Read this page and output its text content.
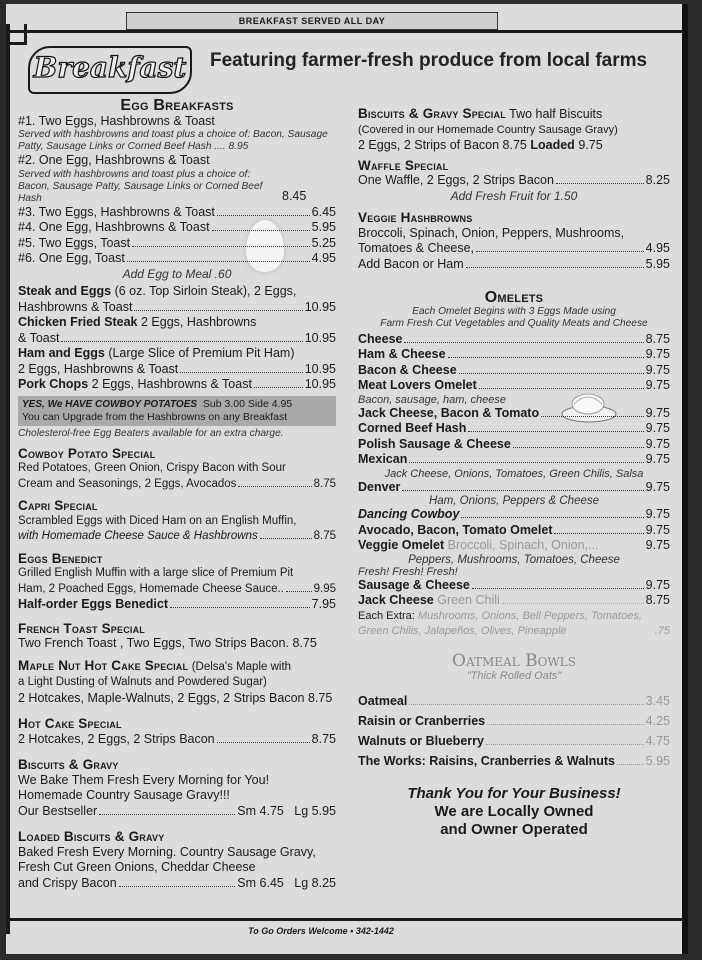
BREAKFAST SERVED ALL DAY
Breakfast Featuring farmer-fresh produce from local farms
Egg Breakfasts
#1. Two Eggs, Hashbrowns & Toast
Served with hashbrowns and toast plus a choice of: Bacon, Sausage Patty, Sausage Links or Corned Beef Hash .... 8.95
#2. One Egg, Hashbrowns & Toast
Served with hashbrowns and toast plus a choice of: Bacon, Sausage Patty, Sausage Links or Corned Beef Hash	8.45
#3. Two Eggs, Hashbrowns & Toast	6.45
#4. One Egg, Hashbrowns & Toast	5.95
#5. Two Eggs, Toast	5.25
#6. One Egg, Toast	4.95
Add Egg to Meal .60
Steak and Eggs (6 oz. Top Sirloin Steak), 2 Eggs,
Hashbrowns & Toast	10.95
Chicken Fried Steak 2 Eggs, Hashbrowns
& Toast	10.95
Ham and Eggs (Large Slice of Premium Pit Ham)
2 Eggs, Hashbrowns & Toast	10.95
Pork Chops
2 Eggs, Hashbrowns & Toast	10.95
YES, We HAVE COWBOY POTATOES Sub 3.00 Side 4.95
You can Upgrade from the Hashbrowns on any Breakfast
Cholesterol-free Egg Beaters available for an extra charge.
Cowboy Potato Special
Red Potatoes, Green Onion, Crispy Bacon with Sour
Cream and Seasonings, 2 Eggs, Avocados	8.75
Capri Special
Scrambled Eggs with Diced Ham on an English Muffin,
with Homemade Cheese Sauce & Hashbrowns	8.75
Eggs Benedict
Grilled English Muffin with a large slice of Premium Pit
Ham, 2 Poached Eggs, Homemade Cheese Sauce..	9.95
Half-order Eggs Benedict	7.95
French Toast Special
Two French Toast , Two Eggs, Two Strips Bacon.
8.75
Maple Nut Hot Cake Special
(Delsa's Maple with
a Light Dusting of Walnuts and Powdered Sugar)
2 Hotcakes, Maple-Walnuts, 2 Eggs, 2 Strips Bacon
8.75
Hot Cake Special
2 Hotcakes, 2 Eggs, 2 Strips Bacon	8.75
Biscuits & Gravy
We Bake Them Fresh Every Morning for You!
Homemade Country Sausage Gravy!!!
Our Bestseller	Sm 4.75
Lg 5.95
Loaded Biscuits & Gravy
Baked Fresh Every Morning. Country Sausage Gravy,
Fresh Cut Green Onions, Cheddar Cheese
and Crispy Bacon	Sm 6.45
Lg 8.25
Biscuits & Gravy Special Two half Biscuits
(Covered in our Homemade Country Sausage Gravy)
2 Eggs, 2 Strips of Bacon 8.75 Loaded 9.75
Waffle Special
One Waffle, 2 Eggs, 2 Strips Bacon	8.25
Add Fresh Fruit for 1.50
Veggie Hashbrowns
Broccoli, Spinach, Onion, Peppers, Mushrooms,
Tomatoes & Cheese,	4.95
Add Bacon or Ham	5.95
Omelets
Each Omelet Begins with 3 Eggs Made using
Farm Fresh Cut Vegetables and Quality Meats and Cheese
Cheese	8.75
Ham & Cheese	9.75
Bacon & Cheese	9.75
Meat Lovers Omelet	9.75
Bacon, sausage, ham, cheese
Jack Cheese, Bacon & Tomato	9.75
Corned Beef Hash	9.75
Polish Sausage & Cheese	9.75
Mexican	9.75
Jack Cheese, Onions, Tomatoes, Green Chilis, Salsa
Denver	9.75
Ham, Onions, Peppers & Cheese
Dancing Cowboy	9.75
Avocado, Bacon, Tomato Omelet	9.75
Veggie Omelet
Broccoli, Spinach, Onion,...	9.75
Peppers, Mushrooms, Tomatoes, Cheese
Fresh! Fresh! Fresh!
Sausage & Cheese	9.75
Jack Cheese
Green Chili	8.75
Each Extra: Mushrooms, Onions, Bell Peppers, Tomatoes,
Green Chilis, Jalapeños, Olives, Pineapple	.75
Oatmeal Bowls
"Thick Rolled Oats"
Oatmeal	3.45
Raisin or Cranberries	4.25
Walnuts or Blueberry	4.75
The Works: Raisins, Cranberries & Walnuts 5.95
Thank You for Your Business!
We are Locally Owned
and Owner Operated
To Go Orders Welcome • 342-1442
